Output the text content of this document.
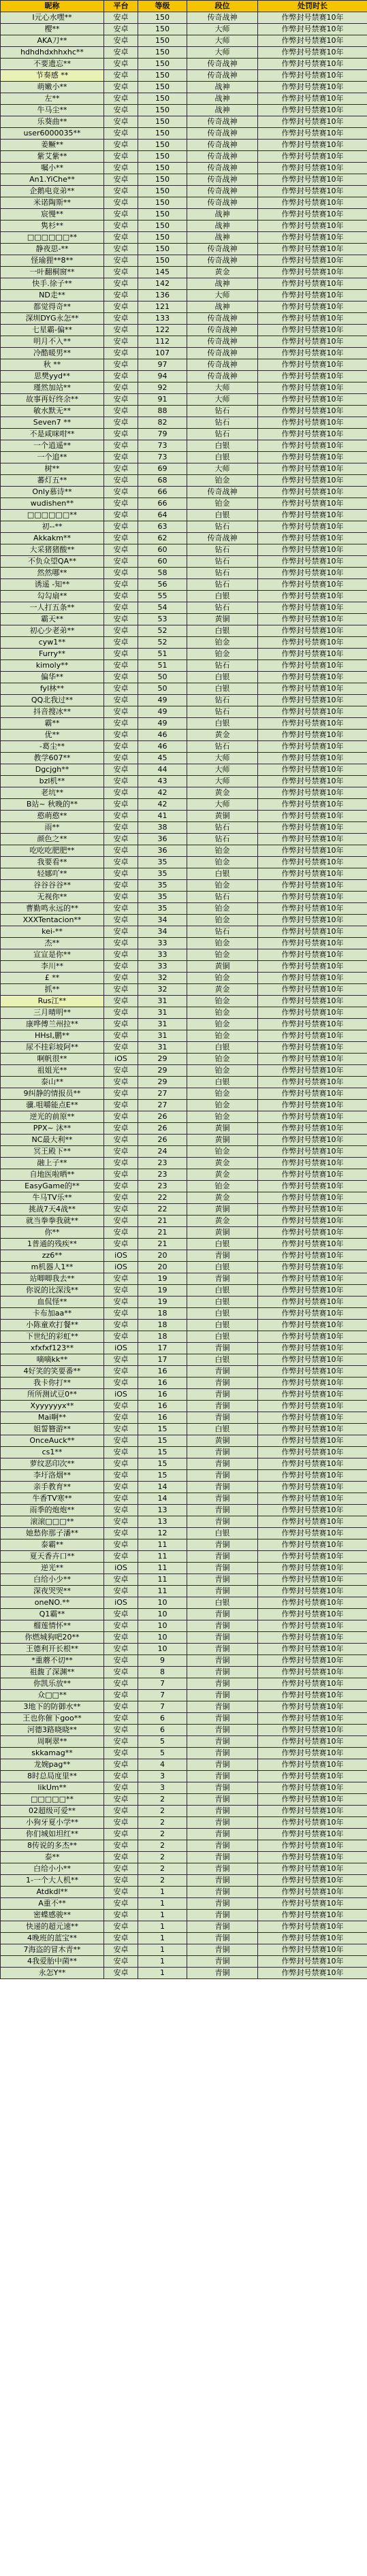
昵称	平台	等级	段位	处罚时长
I元心水嘿**	安卓	150	传奇战神	作弊封号禁赛10年
樱**	安卓	150	大师	作弊封号禁赛10年
AKA刀**	安卓	150	大师	作弊封号禁赛10年
hdhdhdxhhxhc**	安卓	150	大师	作弊封号禁赛10年
不要遗忘**	安卓	150	传奇战神	作弊封号禁赛10年
节奏感 **	安卓	150	传奇战神	作弊封号禁赛10年
萌嫩小**	安卓	150	战神	作弊封号禁赛10年
左**	安卓	150	战神	作弊封号禁赛10年
牛马尘**	安卓	150	战神	作弊封号禁赛10年
乐葵曲**	安卓	150	传奇战神	作弊封号禁赛10年
user6000035**	安卓	150	传奇战神	作弊封号禁赛10年
姜鳜**	安卓	150	传奇战神	作弊封号禁赛10年
紫艾紫**	安卓	150	传奇战神	作弊封号禁赛10年
嘱小**	安卓	150	传奇战神	作弊封号禁赛10年
An1.YiChe**	安卓	150	传奇战神	作弊封号禁赛10年
企鹅电竞弟**	安卓	150	传奇战神	作弊封号禁赛10年
米诺陶斯**	安卓	150	传奇战神	作弊封号禁赛10年
宸慢**	安卓	150	战神	作弊封号禁赛10年
隽杉**	安卓	150	战神	作弊封号禁赛10年
□□□□□□**	安卓	150	战神	作弊封号禁赛10年
静夜思-**	安卓	150	传奇战神	作弊封号禁赛10年
怪瑜狸**8**	安卓	150	传奇战神	作弊封号禁赛10年
一叶翻桐窗**	安卓	145	黄金	作弊封号禁赛10年
快手.徐子**	安卓	142	战神	作弊封号禁赛10年
ND走**	安卓	136	大师	作弊封号禁赛10年
都觉得奇**	安卓	121	战神	作弊封号禁赛10年
深圳DYG永怎**	安卓	133	传奇战神	作弊封号禁赛10年
七星霸-偏**	安卓	122	传奇战神	作弊封号禁赛10年
明月不入**	安卓	112	传奇战神	作弊封号禁赛10年
冷酷暖男**	安卓	107	传奇战神	作弊封号禁赛10年
秋 **	安卓	97	传奇战神	作弊封号禁赛10年
思樊yyd**	安卓	94	传奇战神	作弊封号禁赛10年
瑾然加站**	安卓	92	大师	作弊封号禁赛10年
故事再好终余**	安卓	91	大师	作弊封号禁赛10年
敏水默无**	安卓	88	钻石	作弊封号禁赛10年
Seven7 **	安卓	82	钻石	作弊封号禁赛10年
不是咸咪咁**	安卓	79	钻石	作弊封号禁赛10年
一个逍遥**	安卓	73	白银	作弊封号禁赛10年
一个追**	安卓	73	白银	作弊封号禁赛10年
树**	安卓	69	大师	作弊封号禁赛10年
蕃灯五**	安卓	68	铂金	作弊封号禁赛10年
Only慕诗**	安卓	66	传奇战神	作弊封号禁赛10年
wudishen**	安卓	66	铂金	作弊封号禁赛10年
□□□□□□**	安卓	64	白银	作弊封号禁赛10年
初--**	安卓	63	钻石	作弊封号禁赛10年
Akkakm**	安卓	62	传奇战神	作弊封号禁赛10年
大采猪猪酸**	安卓	60	钻石	作弊封号禁赛10年
不负众望QA**	安卓	60	钻石	作弊封号禁赛10年
然然哪**	安卓	58	钻石	作弊封号禁赛10年
诱遥 -知**	安卓	56	钻石	作弊封号禁赛10年
勾勾扇**	安卓	55	白银	作弊封号禁赛10年
一人打五条**	安卓	54	钻石	作弊封号禁赛10年
霸天**	安卓	53	黄铜	作弊封号禁赛10年
初心少老弟**	安卓	52	白银	作弊封号禁赛10年
cyw1**	安卓	52	铂金	作弊封号禁赛10年
Furry**	安卓	51	铂金	作弊封号禁赛10年
kimoly**	安卓	51	钻石	作弊封号禁赛10年
偏华**	安卓	50	白银	作弊封号禁赛10年
fyl林**	安卓	50	白银	作弊封号禁赛10年
QQ北我过**	安卓	49	钻石	作弊封号禁赛10年
抖音搜冰**	安卓	49	钻石	作弊封号禁赛10年
霸**	安卓	49	白银	作弊封号禁赛10年
优**	安卓	46	黄金	作弊封号禁赛10年
-葛尘**	安卓	46	钻石	作弊封号禁赛10年
教学607**	安卓	45	大师	作弊封号禁赛10年
Dgcjgh**	安卓	44	大师	作弊封号禁赛10年
bzl机**	安卓	43	大师	作弊封号禁赛10年
老坑**	安卓	42	黄金	作弊封号禁赛10年
B站~ 秋晚的**	安卓	42	大师	作弊封号禁赛10年
憨萌憨**	安卓	41	黄铜	作弊封号禁赛10年
雨**	安卓	38	钻石	作弊封号禁赛10年
颜色之**	安卓	36	钻石	作弊封号禁赛10年
吃吃吃肥肥**	安卓	36	铂金	作弊封号禁赛10年
我要看**	安卓	35	铂金	作弊封号禁赛10年
轻娜吖**	安卓	35	白银	作弊封号禁赛10年
谷谷谷谷**	安卓	35	铂金	作弊封号禁赛10年
无视你**	安卓	35	钻石	作弊封号禁赛10年
曹勤鸣永远的**	安卓	35	铂金	作弊封号禁赛10年
XXXTentacion**	安卓	34	铂金	作弊封号禁赛10年
kei-**	安卓	34	钻石	作弊封号禁赛10年
杰**	安卓	33	铂金	作弊封号禁赛10年
宣宣是你**	安卓	33	铂金	作弊封号禁赛10年
李川**	安卓	33	黄铜	作弊封号禁赛10年
£ **	安卓	32	铂金	作弊封号禁赛10年
抓**	安卓	32	黄金	作弊封号禁赛10年
Rus江**	安卓	31	铂金	作弊封号禁赛10年
三月晴明**	安卓	31	铂金	作弊封号禁赛10年
康哗傅兰州拉**	安卓	31	铂金	作弊封号禁赛10年
HHsI,鹏**	安卓	31	铂金	作弊封号禁赛10年
尿不挂彩坡阿**	安卓	31	白银	作弊封号禁赛10年
啊帆很**	iOS	29	铂金	作弊封号禁赛10年
祖姐光**	安卓	29	铂金	作弊封号禁赛10年
泰山**	安卓	29	白银	作弊封号禁赛10年
9纠静的情报员**	安卓	27	铂金	作弊封号禁赛10年
骥.咀嚼能点E**	安卓	27	铂金	作弊封号禁赛10年
逆光的前原**	安卓	26	铂金	作弊封号禁赛10年
PPX~ 沐**	安卓	26	黄铜	作弊封号禁赛10年
NC最大利**	安卓	26	黄铜	作弊封号禁赛10年
冥王殿下**	安卓	24	铂金	作弊封号禁赛10年
融上子**	安卓	23	黄金	作弊封号禁赛10年
自地医啦晒**	安卓	23	黄金	作弊封号禁赛10年
EasyGame的**	安卓	23	铂金	作弊封号禁赛10年
牛马TV乐**	安卓	22	黄金	作弊封号禁赛10年
挑战7天4战**	安卓	22	黄铜	作弊封号禁赛10年
就当拳拳我就**	安卓	21	黄金	作弊封号禁赛10年
你**	安卓	21	黄铜	作弊封号禁赛10年
1普通的残疾**	安卓	21	白银	作弊封号禁赛10年
zz6**	iOS	20	青铜	作弊封号禁赛10年
m机器人1**	iOS	20	白银	作弊封号禁赛10年
站唧唧我去**	安卓	19	青铜	作弊封号禁赛10年
你说的比深浅**	安卓	19	白银	作弊封号禁赛10年
血侃怪**	安卓	19	白银	作弊封号禁赛10年
卡布加aa**	安卓	18	白银	作弊封号禁赛10年
小陈童欢打餐**	安卓	18	白银	作弊封号禁赛10年
下世纪的彩虹**	安卓	18	白银	作弊封号禁赛10年
xfxfxf123**	iOS	17	青铜	作弊封号禁赛10年
嘀嘀kk**	安卓	17	白银	作弊封号禁赛10年
4好笑的笑要番**	安卓	16	青铜	作弊封号禁赛10年
我卡你打**	安卓	16	青铜	作弊封号禁赛10年
所所测试豆0**	iOS	16	青铜	作弊封号禁赛10年
Xyyyyyyx**	安卓	16	青铜	作弊封号禁赛10年
Mai啊**	安卓	16	青铜	作弊封号禁赛10年
姐誓簪游**	安卓	15	白银	作弊封号禁赛10年
OnceAuck**	安卓	15	黄铜	作弊封号禁赛10年
cs1**	安卓	15	青铜	作弊封号禁赛10年
萝纹恶印次**	安卓	15	青铜	作弊封号禁赛10年
李圩洛烟**	安卓	15	青铜	作弊封号禁赛10年
亲手教育**	安卓	14	青铜	作弊封号禁赛10年
牛香TV寒**	安卓	14	青铜	作弊封号禁赛10年
雨季的炮炮**	安卓	13	青铜	作弊封号禁赛10年
滚滚□□□**	安卓	13	青铜	作弊封号禁赛10年
她愁你那子潘**	安卓	12	白银	作弊封号禁赛10年
泰霸**	安卓	11	青铜	作弊封号禁赛10年
夏天香卉口**	安卓	11	青铜	作弊封号禁赛10年
逆光**	iOS	11	青铜	作弊封号禁赛10年
白给小少**	安卓	11	青铜	作弊封号禁赛10年
深夜哭哭**	安卓	11	青铜	作弊封号禁赛10年
oneNO.**	iOS	10	白银	作弊封号禁赛10年
Q1霸**	安卓	10	青铜	作弊封号禁赛10年
榴莲情怀**	安卓	10	青铜	作弊封号禁赛10年
你燃城狗吧20**	安卓	10	青铜	作弊封号禁赛10年
王德利开长根**	安卓	10	青铜	作弊封号禁赛10年
*重蘑不切**	安卓	9	青铜	作弊封号禁赛10年
祖馥了深渊**	安卓	8	青铜	作弊封号禁赛10年
你凯乐放**	安卓	7	青铜	作弊封号禁赛10年
众□□**	安卓	7	青铜	作弊封号禁赛10年
3地下的防御水**	安卓	7	青铜	作弊封号禁赛10年
王也你催下goo**	安卓	6	青铜	作弊封号禁赛10年
河德3路晓晓**	安卓	6	青铜	作弊封号禁赛10年
周啊翠**	安卓	5	青铜	作弊封号禁赛10年
skkamag**	安卓	5	青铜	作弊封号禁赛10年
龙婉pag**	安卓	4	青铜	作弊封号禁赛10年
8时总局度里**	安卓	3	青铜	作弊封号禁赛10年
likUm**	安卓	3	青铜	作弊封号禁赛10年
□□□□□**	安卓	2	青铜	作弊封号禁赛10年
02超级可爱**	安卓	2	青铜	作弊封号禁赛10年
小狗牙夏小学**	安卓	2	青铜	作弊封号禁赛10年
你们城如坦红**	安卓	2	青铜	作弊封号禁赛10年
8传说的多杰**	安卓	2	青铜	作弊封号禁赛10年
泰**	安卓	2	青铜	作弊封号禁赛10年
白给小小**	安卓	2	青铜	作弊封号禁赛10年
1-一个大人机**	安卓	2	青铜	作弊封号禁赛10年
Atdkdl**	安卓	1	青铜	作弊封号禁赛10年
A重不**	安卓	1	青铜	作弊封号禁赛10年
密蝶感骏**	安卓	1	青铜	作弊封号禁赛10年
快递的超元速**	安卓	1	青铜	作弊封号禁赛10年
4晚班的蓝宝**	安卓	1	青铜	作弊封号禁赛10年
7海盗的冒木青**	安卓	1	青铜	作弊封号禁赛10年
4我爱胎中菌**	安卓	1	青铜	作弊封号禁赛10年
永怎Y**	安卓	1	青铜	作弊封号禁赛10年
